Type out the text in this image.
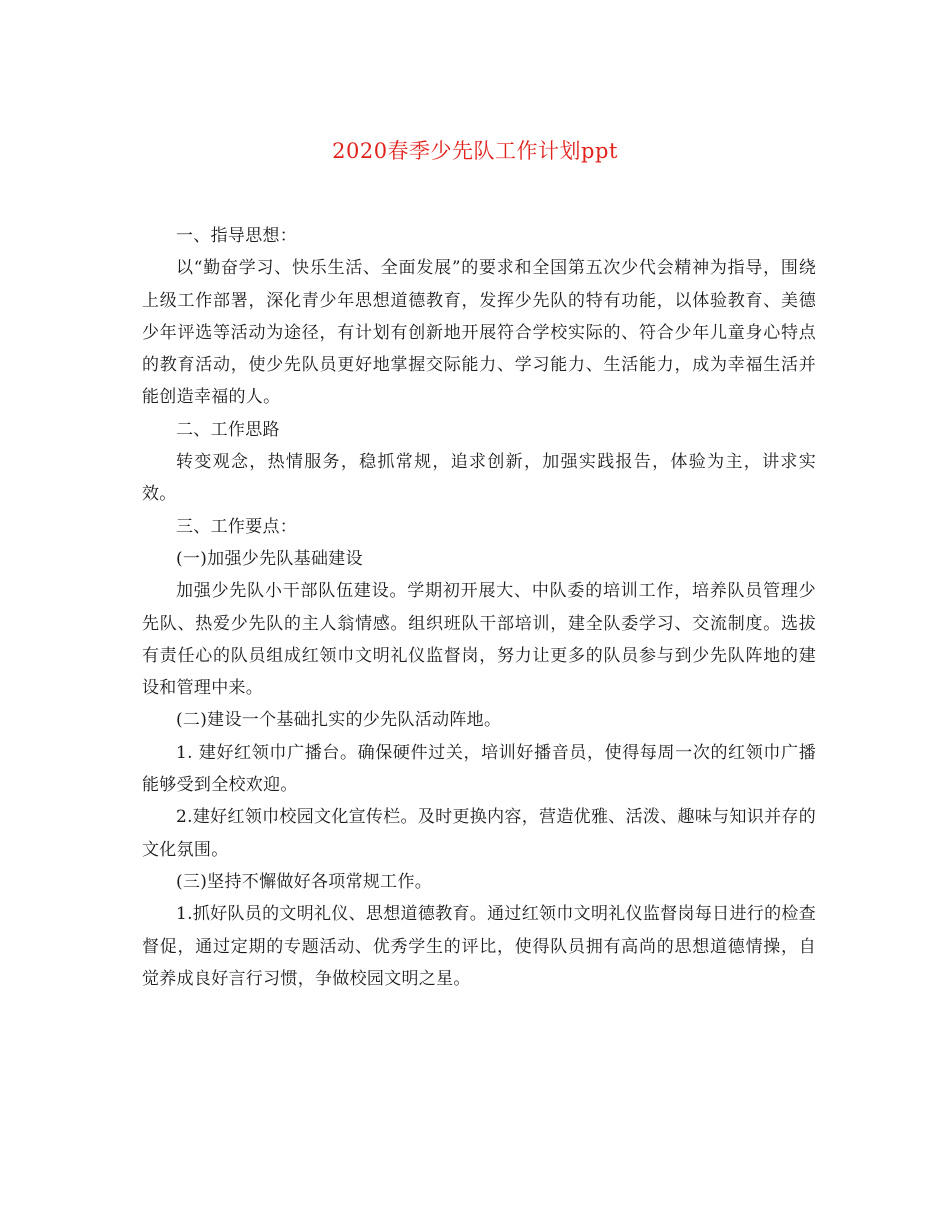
2020春季少先队工作计划ppt

一、指导思想：

以“勤奋学习、快乐生活、全面发展”的要求和全国第五次少代会精神为指导，围绕上级工作部署，深化青少年思想道德教育，发挥少先队的特有功能，以体验教育、美德少年评选等活动为途径，有计划有创新地开展符合学校实际的、符合少年儿童身心特点的教育活动，使少先队员更好地掌握交际能力、学习能力、生活能力，成为幸福生活并能创造幸福的人。

二、工作思路

转变观念，热情服务，稳抓常规，追求创新，加强实践报告，体验为主，讲求实效。

三、工作要点：

(一)加强少先队基础建设

加强少先队小干部队伍建设。学期初开展大、中队委的培训工作，培养队员管理少先队、热爱少先队的主人翁情感。组织班队干部培训，建全队委学习、交流制度。选拔有责任心的队员组成红领巾文明礼仪监督岗，努力让更多的队员参与到少先队阵地的建设和管理中来。

(二)建设一个基础扎实的少先队活动阵地。

1. 建好红领巾广播台。确保硬件过关，培训好播音员，使得每周一次的红领巾广播能够受到全校欢迎。

2.建好红领巾校园文化宣传栏。及时更换内容，营造优雅、活泼、趣味与知识并存的文化氛围。

(三)坚持不懈做好各项常规工作。

1.抓好队员的文明礼仪、思想道德教育。通过红领巾文明礼仪监督岗每日进行的检查督促，通过定期的专题活动、优秀学生的评比，使得队员拥有高尚的思想道德情操，自觉养成良好言行习惯，争做校园文明之星。
